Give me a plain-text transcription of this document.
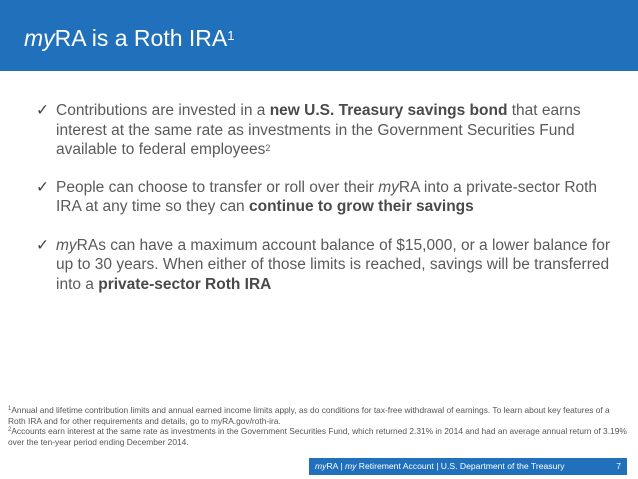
myRA is a Roth IRA$^1$
✓ Contributions are invested in a new U.S. Treasury savings bond that earns interest at the same rate as investments in the Government Securities Fund available to federal employees$^2$
✓ People can choose to transfer or roll over their myRA into a private-sector Roth IRA at any time so they can continue to grow their savings
✓ myRAs can have a maximum account balance of $15,000, or a lower balance for up to 30 years. When either of those limits is reached, savings will be transferred into a private-sector Roth IRA
$^1$Annual and lifetime contribution limits and annual earned income limits apply, as do conditions for tax-free withdrawal of earnings. To learn about key features of a Roth IRA and for other requirements and details, go to myRA.gov/roth-ira.
$^2$Accounts earn interest at the same rate as investments in the Government Securities Fund, which returned 2.31% in 2014 and had an average annual return of 3.19% over the ten-year period ending December 2014.
myRA | my Retirement Account | U.S. Department of the Treasury	7
